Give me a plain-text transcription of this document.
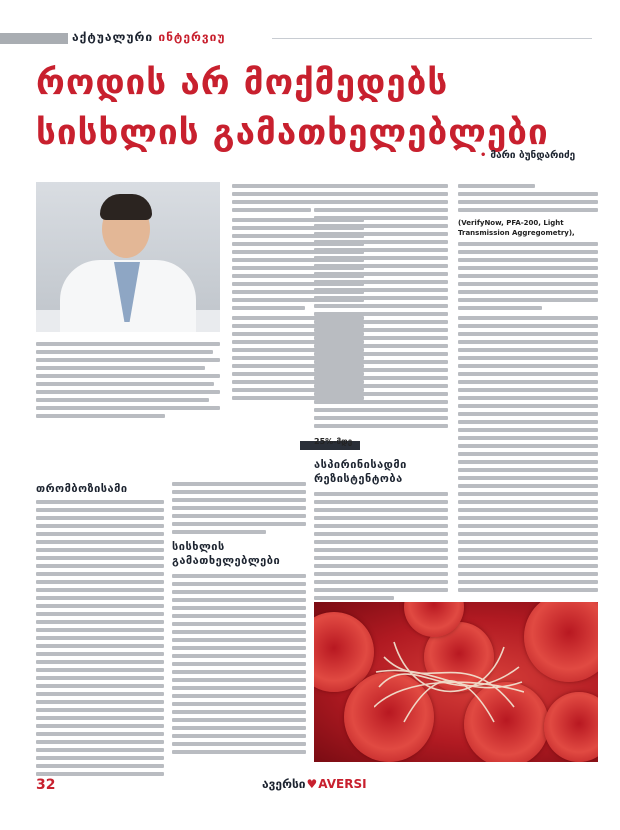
აქტუალური ინტერვიუ
როდის არ მოქმედებს
სისხლის გამათხელებლები
• მარი ბუნდარიძე
თრომბოზისამი
სისხლის
გამათხელებლები
25%-მდე
ასპირინისადმი
რეზისტენტობა
(VerifyNow, PFA-200, Light
Transmission Aggregometry),
32	ავერსი♥AVERSI
